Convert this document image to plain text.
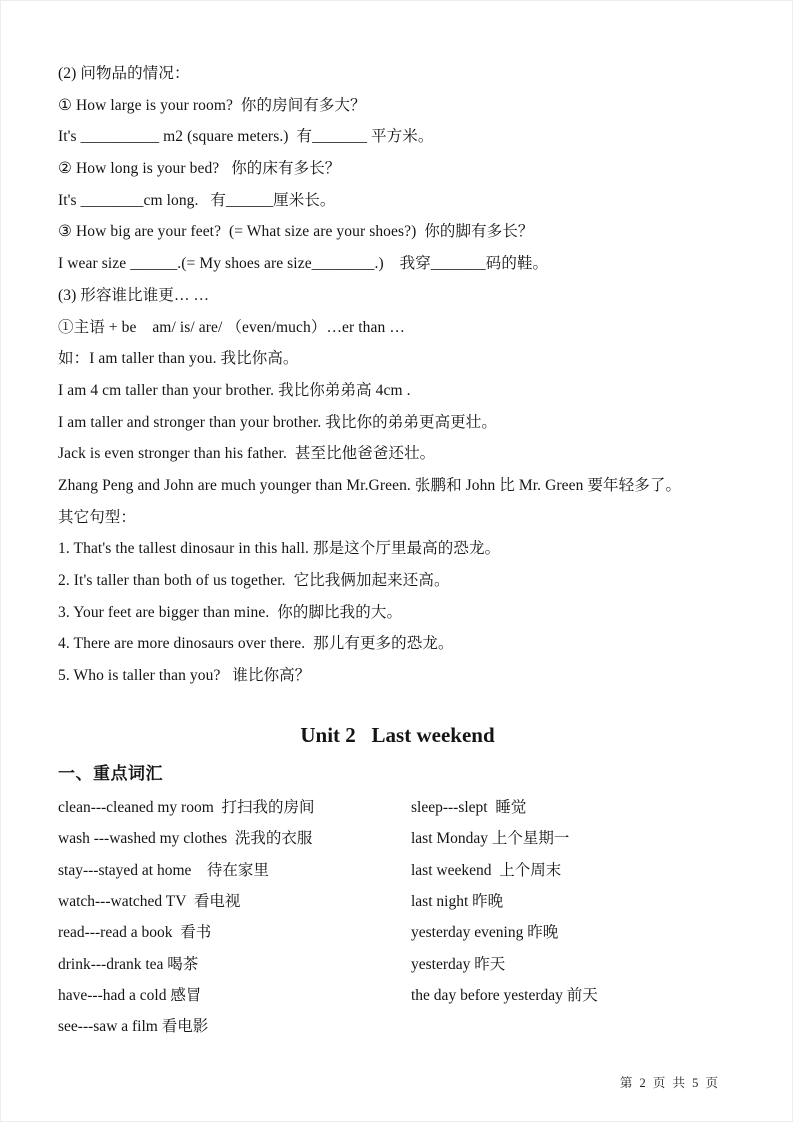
(2) 问物品的情况：
① How large is your room?  你的房间有多大？
It's __________ m2 (square meters.)  有_______ 平方米。
② How long is your bed?   你的床有多长？
It's ________cm long.   有______厘米长。
③ How big are your feet?  (= What size are your shoes?)  你的脚有多长？
I wear size ______.(= My shoes are size________.)    我穿_______码的鞋。
(3) 形容谁比谁更… …
①主语 + be    am/ is/ are/ （even/much）…er than …
如：I am taller than you. 我比你高。
I am 4 cm taller than your brother. 我比你弟弟高 4cm .
I am taller and stronger than your brother. 我比你的弟弟更高更壮。
Jack is even stronger than his father.  甚至比他爸爸还壮。
Zhang Peng and John are much younger than Mr.Green. 张鹏和 John 比 Mr. Green 要年轻多了。
其它句型：
1. That's the tallest dinosaur in this hall. 那是这个厅里最高的恐龙。
2. It's taller than both of us together.  它比我俩加起来还高。
3. Your feet are bigger than mine.  你的脚比我的大。
4. There are more dinosaurs over there.  那儿有更多的恐龙。
5. Who is taller than you?   谁比你高？
Unit 2   Last weekend
一、重点词汇
clean---cleaned my room  打扫我的房间	sleep---slept  睡觉
wash ---washed my clothes  洗我的衣服	last Monday 上个星期一
stay---stayed at home    待在家里	last weekend  上个周末
watch---watched TV  看电视	last night 昨晚
read---read a book  看书	yesterday evening 昨晚
drink---drank tea 喝茶	yesterday 昨天
have---had a cold 感冒	the day before yesterday 前天
see---saw a film 看电影
第 2 页 共 5 页
